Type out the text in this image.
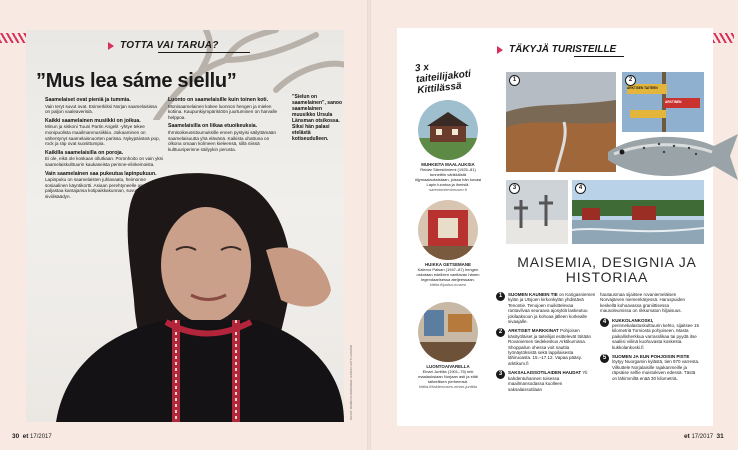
TOTTA VAI TARUA?
”Mus lea sáme siellu”

Saamelaiset ovat pieniä ja tummia.
Vain teryt suvut ovat. Esimerkiksi Norjan saamelaisissa on paljon vaaleaverisiä.

Kaikki saamelainen musiikki on joikua.
Minun ja siskoni Tuuni Partin Angelit -yhtye tekee monipuolista maailmanmusiikkia. Joikaaminen on vähentynyt saamelaisnuorten parissa. Nykypäivänä pop, rock ja räp ovat suosittumpia.

Kaikilla saamelaisilla on poroja.
Ei ole, eikä ole koskaan ollutkaan. Poronhoito on vain yksi saamelaiskulttuurin kaukaseista perinne-elinkeinoista.

Vain saamelainen saa pukeutua lapinpukuun.
Lapinpuku on saamelaisten juhlavaatu, heimonne sosiaalinen käyntikortti. Asiaan perehtyneelle asu paljastaa kantajansa kotipaikkakunnan, suvun ja siviilisäädyn.

Luonto on saamelaisille kuin toinen koti.
Monisaamelainen kokee luonnon hengen ja mielen kotiina. Kaupunkiympäristöön juurtuminen on harvalle helppoa.

Saamelaisilla on liikaa etuoikeuksia.
Ihmisoikeussitoumuksille ennen pystyisi säilyttämään saamelaisuutta yhä elävänä. Kaikista uhattuna on olkona omaan kolmeen kieleensä, sillä niissä kulttuuriperinne säilyykin perusta.

”Sielun on saamelainen”, sanoo saamelainen muusikko Ursula Länsman otsikossa. Siksi hän palasi etelästä kotiseudulleen.
KUVAT: RAIMO KUOKKANEN, HANNU HUTTU ESPOO
30 et 17/2017
TÄKYJÄ TURISTEILLE
3 x taiteilijakoti Kittilässä
MUHKEITA MAALAUKSIA
Reidar Särestöniemi (1925–81) tunnettiin värikkäistä öljymaalauksistaan, joissa hän kuvasi Lapin luontoa ja ihmisiä.
sarestoniemimuseo.fi
HUIKKA GETSEMANE
Kalervo Palsan (1947–87) hengen uskotaan edelleen vaeltavan hänen legendaarisessa ateljeessaan.
kittila.fi/palsa-museo
LUONTOAIVARELLA
Einari Junttila (1901–75) teki maalauksiaan Norjaan asti ja eläti taiteellisen perheensä.
kittila.fi/taidemuseo-einari-junttila
1	2
ARKTISEN TAITEEN
ARKTINEN
3	4
MAISEMIA, DESIGNIA JA HISTORIAA
1	SUOMEN KAUNEIN TIE on Karigasniemen kylän ja Utsjoen kirkonkylän yhdistävä Tenontie. Tenojoen muikittelevaa rantavilvaa seuraava ajosyklä laskeutuu jokilaaksoon ja kohoaa jälleen korkealle sivaajalle.
2	ARKTISET MARKKINAT Pohjoisen käsityöläiset ja taiteilijat esittelevät töitään Rovaniemen tiedekeskus Arktikumissa. Shoppailun ohessa voit nauttia työnäytöksistä sekä lappilaisesta lähiruoasta. 15.–17.12. Vapaa pääsy. arktikum.fi
3	SAKSALAISSOTILAIDEN HAUDAT Yli kahdentuhannen toisessa maailmansodassa kuolleen saksalaissotilaan
hautausmaa sijaitsee rovaniemeläisen Norvajärven niemenkärjessä. Haruspuiden keskellä kohoavassa graniittisessa mausoleumissa on rikkumaton hiljaisuus.
4	KUKKOLANKOSKI, perinnekalastuskulttuurin kehto, sijaitsee 15 kilometriä Torniosta pohjoiseen. Masta paikallisherkkua varrasslikaa tai pyydä itse saaliisi viilinä kuohuvasta koskesta. kukkolankoski.fi
5	SUOMEN JA EUN POHJOISIN PISTE löytyy Nuorgamin kylästä, tien 970 varresta. Vilkuttele Norjalaisille rajakanmeille ja räpsäise selfie muistokiven edessä. Tästä on lähimmiltä enää 30 kilometriä.
et 17/2017 31
